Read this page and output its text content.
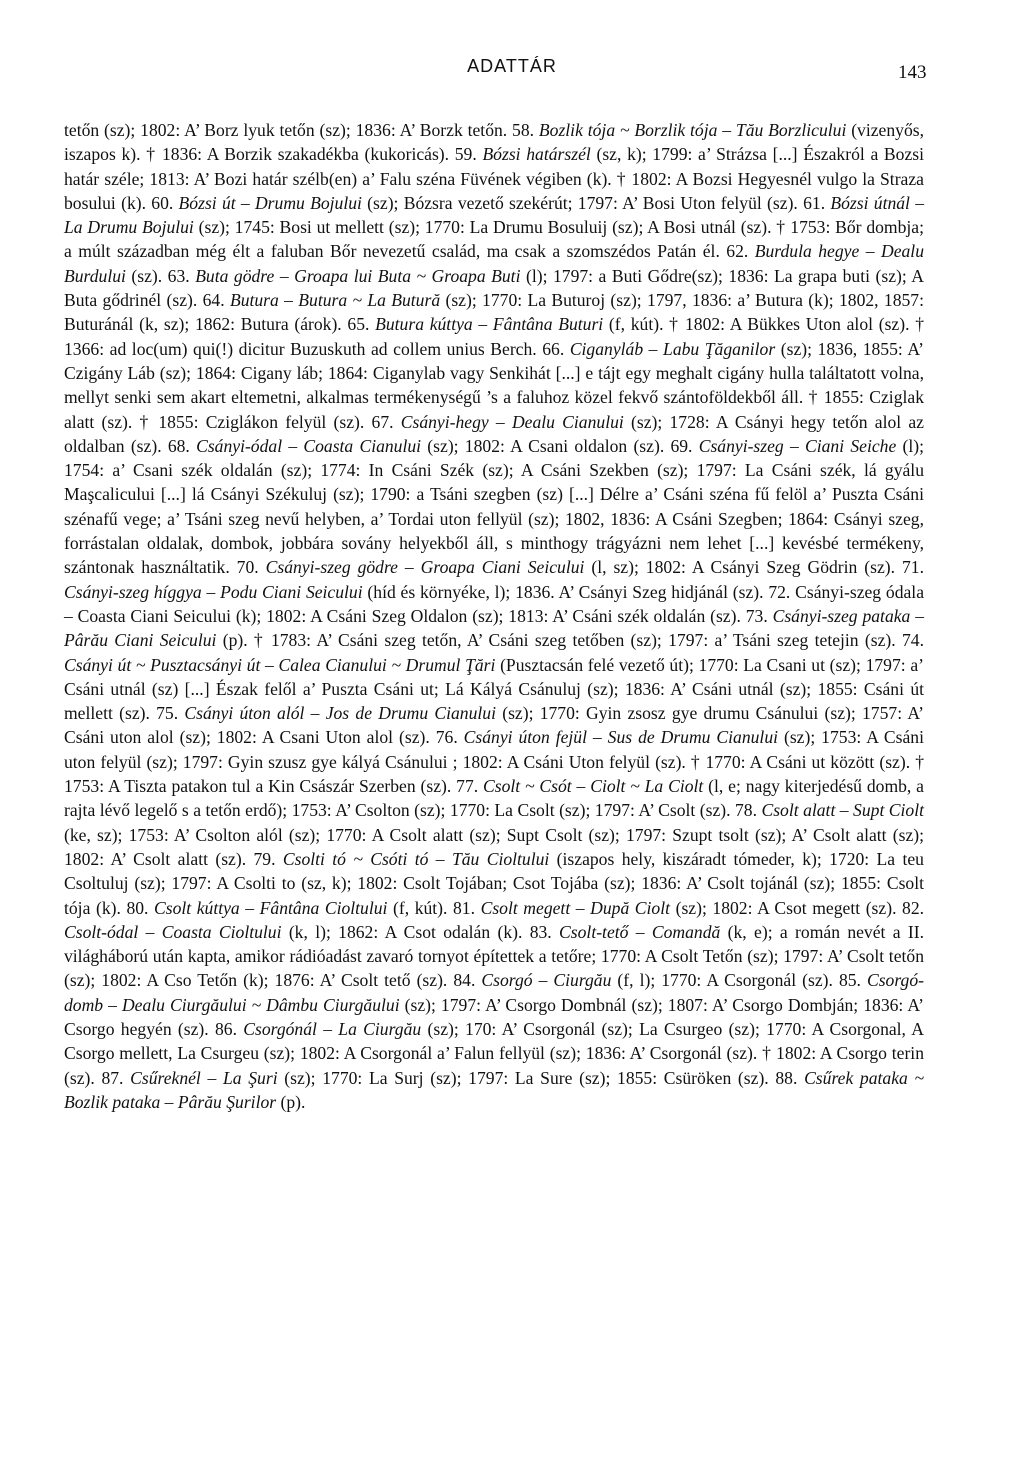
ADATTÁR	143

tetőn (sz); 1802: A’ Borz lyuk tetőn (sz); 1836: A’ Borzk tetőn. 58. Bozlik tója ~ Borzlik tója – Tău Borzlicului (vizenyős, iszapos k). † 1836: A Borzik szakadékba (kukoricás). 59. Bózsi határszél (sz, k); 1799: a’ Strázsa [...] Északról a Bozsi határ széle; 1813: A’ Bozi határ szélb(en) a’ Falu széna Füvének végiben (k). † 1802: A Bozsi Hegyesnél vulgo la Straza bosului (k). 60. Bózsi út – Drumu Bojului (sz); Bózsra vezető szekérút; 1797: A’ Bosi Uton felyül (sz). 61. Bózsi útnál – La Drumu Bojului (sz); 1745: Bosi ut mellett (sz); 1770: La Drumu Bosuluij (sz); A Bosi utnál (sz). † 1753: Bőr dombja; a múlt században még élt a faluban Bőr nevezetű család, ma csak a szomszédos Patán él. 62. Burdula hegye – Dealu Burdului (sz). 63. Buta gödre – Groapa lui Buta ~ Groapa Buti (l); 1797: a Buti Gődre(sz); 1836: La grapa buti (sz); A Buta gődrinél (sz). 64. Butura – Butura ~ La Butură (sz); 1770: La Buturoj (sz); 1797, 1836: a’ Butura (k); 1802, 1857: Buturánál (k, sz); 1862: Butura (árok). 65. Butura kúttya – Fântâna Buturi (f, kút). † 1802: A Bükkes Uton alol (sz). † 1366: ad loc(um) qui(!) dicitur Buzuskuth ad collem unius Berch. 66. Ciganyláb – Labu Ţăganilor (sz); 1836, 1855: A’ Czigány Láb (sz); 1864: Cigany láb; 1864: Ciganylab vagy Senkihát [...] e tájt egy meghalt cigány hulla találtatott volna, mellyt senki sem akart eltemetni, alkalmas termékenységű ’s a faluhoz közel fekvő szántoföldekből áll. † 1855: Cziglak alatt (sz). † 1855: Cziglákon felyül (sz). 67. Csányi-hegy – Dealu Cianului (sz); 1728: A Csányi hegy tetőn alol az oldalban (sz). 68. Csányi-ódal – Coasta Cianului (sz); 1802: A Csani oldalon (sz). 69. Csányi-szeg – Ciani Seiche (l); 1754: a’ Csani szék oldalán (sz); 1774: In Csáni Szék (sz); A Csáni Szekben (sz); 1797: La Csáni szék, lá gyálu Maşcalicului [...] lá Csányi Székuluj (sz); 1790: a Tsáni szegben (sz) [...] Délre a’ Csáni széna fű felöl a’ Puszta Csáni szénafű vege; a’ Tsáni szeg nevű helyben, a’ Tordai uton fellyül (sz); 1802, 1836: A Csáni Szegben; 1864: Csányi szeg, forrástalan oldalak, dombok, jobbára sovány helyekből áll, s minthogy trágyázni nem lehet [...] kevésbé termékeny, szántonak használtatik. 70. Csányi-szeg gödre – Groapa Ciani Seicului (l, sz); 1802: A Csányi Szeg Gödrin (sz). 71. Csányi-szeg híggya – Podu Ciani Seicului (híd és környéke, l); 1836. A’ Csányi Szeg hidjánál (sz). 72. Csányi-szeg ódala – Coasta Ciani Seicului (k); 1802: A Csáni Szeg Oldalon (sz); 1813: A’ Csáni szék oldalán (sz). 73. Csányi-szeg pataka – Pârău Ciani Seicului (p). † 1783: A’ Csáni szeg tetőn, A’ Csáni szeg tetőben (sz); 1797: a’ Tsáni szeg tetejin (sz). 74. Csányi út ~ Pusztacsányi út – Calea Cianului ~ Drumul Ţări (Pusztacsán felé vezető út); 1770: La Csani ut (sz); 1797: a’ Csáni utnál (sz) [...] Észak felől a’ Puszta Csáni ut; Lá Kályá Csánuluj (sz); 1836: A’ Csáni utnál (sz); 1855: Csáni út mellett (sz). 75. Csányi úton alól – Jos de Drumu Cianului (sz); 1770: Gyin zsosz gye drumu Csánului (sz); 1757: A’ Csáni uton alol (sz); 1802: A Csani Uton alol (sz). 76. Csányi úton fejül – Sus de Drumu Cianului (sz); 1753: A Csáni uton felyül (sz); 1797: Gyin szusz gye kályá Csánului ; 1802: A Csáni Uton felyül (sz). † 1770: A Csáni ut között (sz). † 1753: A Tiszta patakon tul a Kin Császár Szerben (sz). 77. Csolt ~ Csót – Ciolt ~ La Ciolt (l, e; nagy kiterjedésű domb, a rajta lévő legelő s a tetőn erdő); 1753: A’ Csolton (sz); 1770: La Csolt (sz); 1797: A’ Csolt (sz). 78. Csolt alatt – Supt Ciolt (ke, sz); 1753: A’ Csolton alól (sz); 1770: A Csolt alatt (sz); Supt Csolt (sz); 1797: Szupt tsolt (sz); A’ Csolt alatt (sz); 1802: A’ Csolt alatt (sz). 79. Csolti tó ~ Csóti tó – Tău Cioltului (iszapos hely, kiszáradt tómeder, k); 1720: La teu Csoltuluj (sz); 1797: A Csolti to (sz, k); 1802: Csolt Tojában; Csot Tojába (sz); 1836: A’ Csolt tojánál (sz); 1855: Csolt tója (k). 80. Csolt kúttya – Fântâna Cioltului (f, kút). 81. Csolt megett – După Ciolt (sz); 1802: A Csot megett (sz). 82. Csolt-ódal – Coasta Cioltului (k, l); 1862: A Csot odalán (k). 83. Csolt-tető – Comandă (k, e); a román nevét a II. világháború után kapta, amikor rádióadást zavaró tornyot építettek a tetőre; 1770: A Csolt Tetőn (sz); 1797: A’ Csolt tetőn (sz); 1802: A Cso Tetőn (k); 1876: A’ Csolt tető (sz). 84. Csorgó – Ciurgău (f, l); 1770: A Csorgonál (sz). 85. Csorgó-domb – Dealu Ciurgăului ~ Dâmbu Ciurgăului (sz); 1797: A’ Csorgo Dombnál (sz); 1807: A’ Csorgo Dombján; 1836: A’ Csorgo hegyén (sz). 86. Csorgónál – La Ciurgău (sz); 170: A’ Csorgonál (sz); La Csurgeo (sz); 1770: A Csorgonal, A Csorgo mellett, La Csurgeu (sz); 1802: A Csorgonál a’ Falun fellyül (sz); 1836: A’ Csorgonál (sz). † 1802: A Csorgo terin (sz). 87. Csűreknél – La Şuri (sz); 1770: La Surj (sz); 1797: La Sure (sz); 1855: Csüröken (sz). 88. Csűrek pataka ~ Bozlik pataka – Pârău Şurilor (p).
